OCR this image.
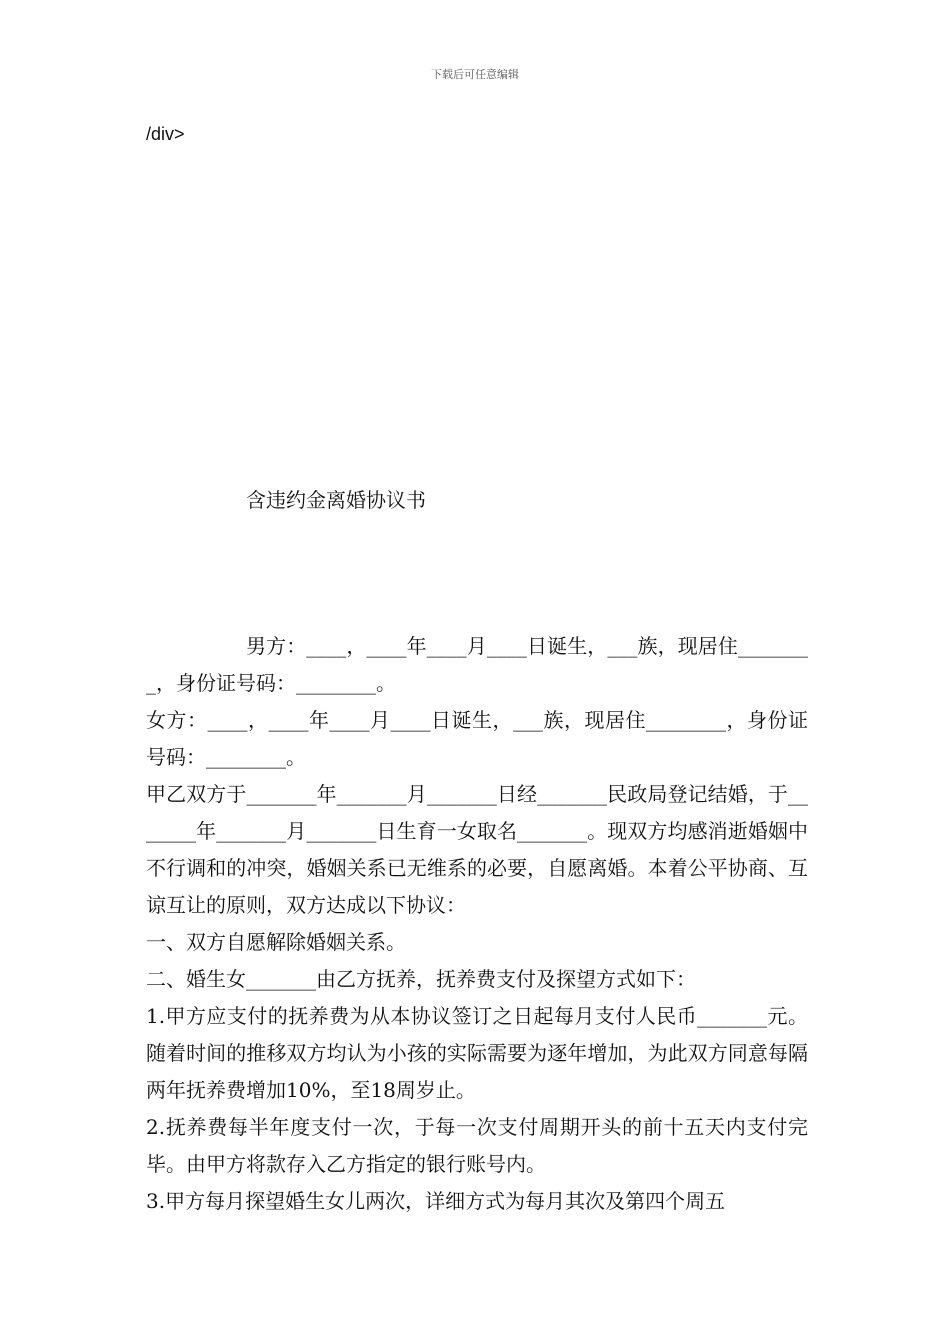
下载后可任意编辑
/div>
含违约金离婚协议书

男方：____，____年____月____日诞生，___族，现居住________，身份证号码：________。

女方：____，____年____月____日诞生，___族，现居住________，身份证号码：________。

甲乙双方于_______年_______月_______日经_______民政局登记结婚，于_______年_______月_______日生育一女取名_______。现双方均感消逝婚姻中不行调和的冲突，婚姻关系已无维系的必要，自愿离婚。本着公平协商、互谅互让的原则，双方达成以下协议：

一、双方自愿解除婚姻关系。

二、婚生女_______由乙方抚养，抚养费支付及探望方式如下：

1.甲方应支付的抚养费为从本协议签订之日起每月支付人民币_______元。随着时间的推移双方均认为小孩的实际需要为逐年增加，为此双方同意每隔两年抚养费增加10%，至18周岁止。

2.抚养费每半年度支付一次，于每一次支付周期开头的前十五天内支付完毕。由甲方将款存入乙方指定的银行账号内。

3.甲方每月探望婚生女儿两次，详细方式为每月其次及第四个周五
